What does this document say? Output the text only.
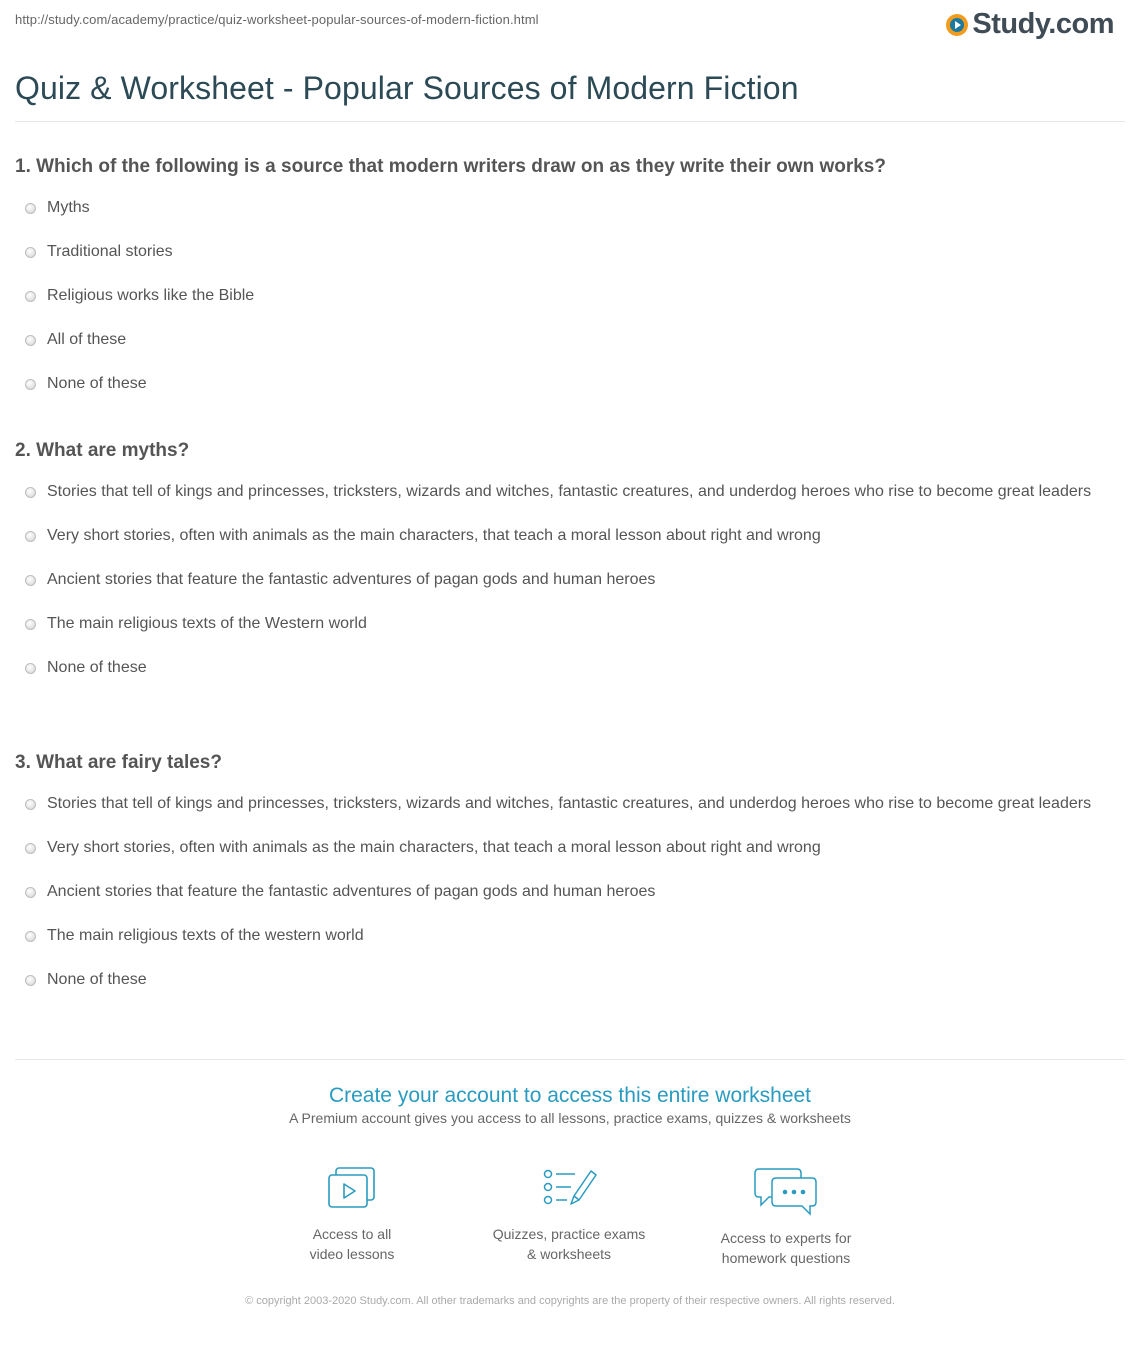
http://study.com/academy/practice/quiz-worksheet-popular-sources-of-modern-fiction.html	Study.com
Quiz & Worksheet - Popular Sources of Modern Fiction
1. Which of the following is a source that modern writers draw on as they write their own works?
Myths
Traditional stories
Religious works like the Bible
All of these
None of these
2. What are myths?
Stories that tell of kings and princesses, tricksters, wizards and witches, fantastic creatures, and underdog heroes who rise to become great leaders
Very short stories, often with animals as the main characters, that teach a moral lesson about right and wrong
Ancient stories that feature the fantastic adventures of pagan gods and human heroes
The main religious texts of the Western world
None of these
3. What are fairy tales?
Stories that tell of kings and princesses, tricksters, wizards and witches, fantastic creatures, and underdog heroes who rise to become great leaders
Very short stories, often with animals as the main characters, that teach a moral lesson about right and wrong
Ancient stories that feature the fantastic adventures of pagan gods and human heroes
The main religious texts of the western world
None of these
Create your account to access this entire worksheet
A Premium account gives you access to all lessons, practice exams, quizzes & worksheets
Access to all
video lessons
Quizzes, practice exams
& worksheets
Access to experts for
homework questions
© copyright 2003-2020 Study.com. All other trademarks and copyrights are the property of their respective owners. All rights reserved.
